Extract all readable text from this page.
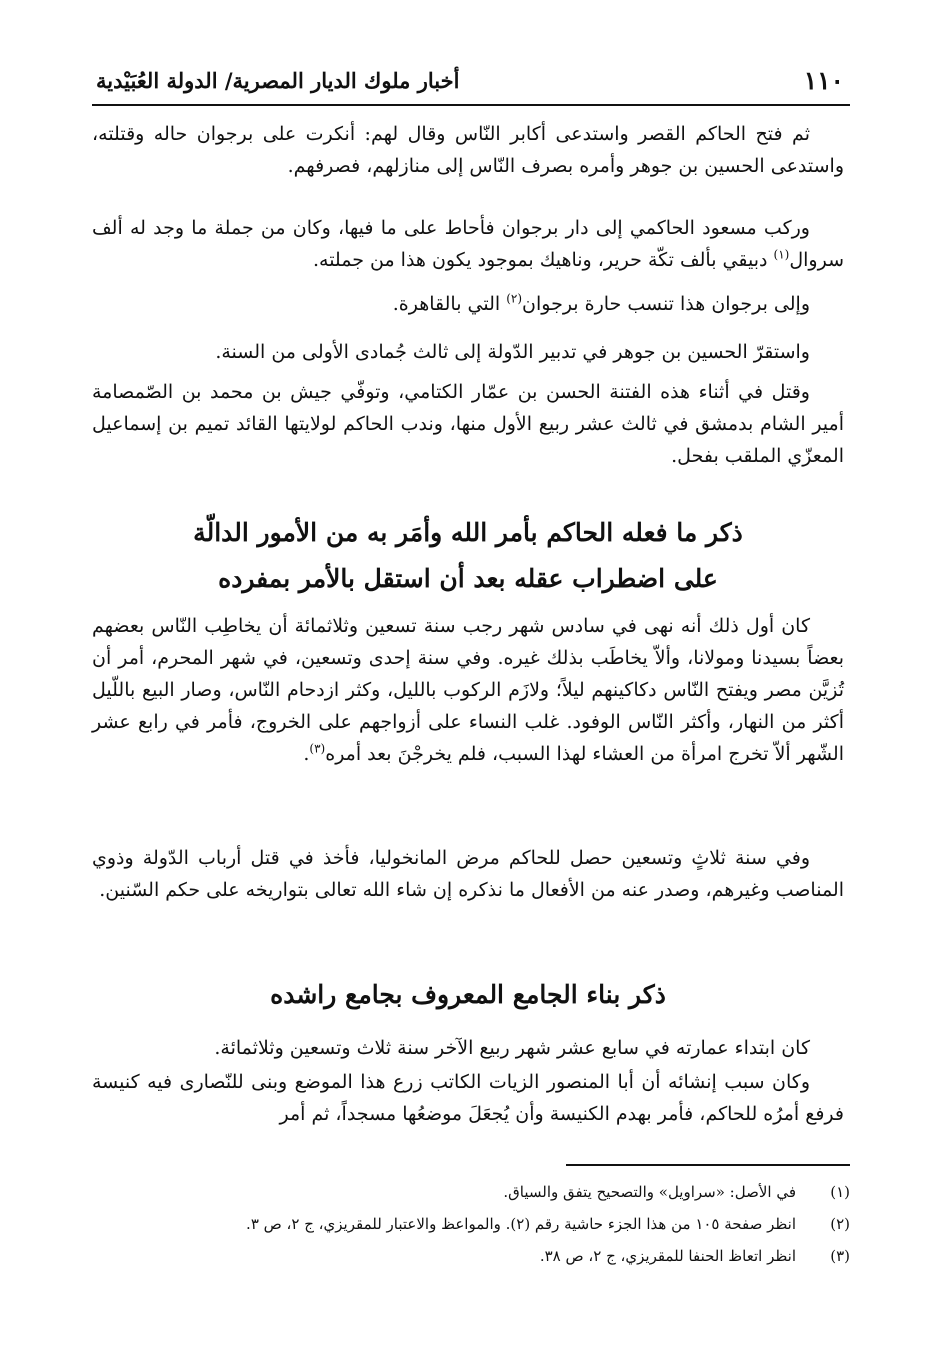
١١٠
أخبار ملوك الديار المصرية/ الدولة العُبَيْدية

ثم فتح الحاكم القصر واستدعى أكابر النّاس وقال لهم: أنكرت على برجوان حاله وقتلته، واستدعى الحسين بن جوهر وأمره بصرف النّاس إلى منازلهم، فصرفهم.

وركب مسعود الحاكمي إلى دار برجوان فأحاط على ما فيها، وكان من جملة ما وجد له ألف سروال$^{(١)}$ دبيقي بألف تكّة حرير، وناهيك بموجود يكون هذا من جملته.

وإلى برجوان هذا تنسب حارة برجوان$^{(٢)}$ التي بالقاهرة.

واستقرّ الحسين بن جوهر في تدبير الدّولة إلى ثالث جُمادى الأولى من السنة.

وقتل في أثناء هذه الفتنة الحسن بن عمّار الكتامي، وتوفّي جيش بن محمد بن الصّمصامة أمير الشام بدمشق في ثالث عشر ربيع الأول منها، وندب الحاكم لولايتها القائد تميم بن إسماعيل المعزّي الملقب بفحل.

ذكر ما فعله الحاكم بأمر الله وأمَر به من الأمور الدالّة
على اضطراب عقله بعد أن استقل بالأمر بمفرده

كان أول ذلك أنه نهى في سادس شهر رجب سنة تسعين وثلاثمائة أن يخاطِب النّاس بعضهم بعضاً بسيدنا ومولانا، وألاّ يخاطَب بذلك غيره. وفي سنة إحدى وتسعين، في شهر المحرم، أمر أن تُزيَّن مصر ويفتح النّاس دكاكينهم ليلاً؛ ولازَم الركوب بالليل، وكثر ازدحام النّاس، وصار البيع باللّيل أكثر من النهار، وأكثر النّاس الوفود. غلب النساء على أزواجهم على الخروج، فأمر في رابع عشر الشّهر ألاّ تخرج امرأة من العشاء لهذا السبب، فلم يخرجْنَ بعد أمره$^{(٣)}$.

وفي سنة ثلاثٍ وتسعين حصل للحاكم مرض المانخوليا، فأخذ في قتل أرباب الدّولة وذوي المناصب وغيرهم، وصدر عنه من الأفعال ما نذكره إن شاء الله تعالى بتواريخه على حكم السّنين.

ذكر بناء الجامع المعروف بجامع راشده

كان ابتداء عمارته في سابع عشر شهر ربيع الآخر سنة ثلاث وتسعين وثلاثمائة.

وكان سبب إنشائه أن أبا المنصور الزيات الكاتب زرع هذا الموضع وبنى للنّصارى فيه كنيسة فرفع أمرُه للحاكم، فأمر بهدم الكنيسة وأن يُجعَلَ موضعُها مسجداً، ثم أمر

(١)
في الأصل: «سراويل» والتصحيح يتفق والسياق.
(٢)
انظر صفحة ١٠٥ من هذا الجزء حاشية رقم (٢). والمواعظ والاعتبار للمقريزي، ج ٢، ص ٣.
(٣)
انظر اتعاظ الحنفا للمقريزي، ج ٢، ص ٣٨.
